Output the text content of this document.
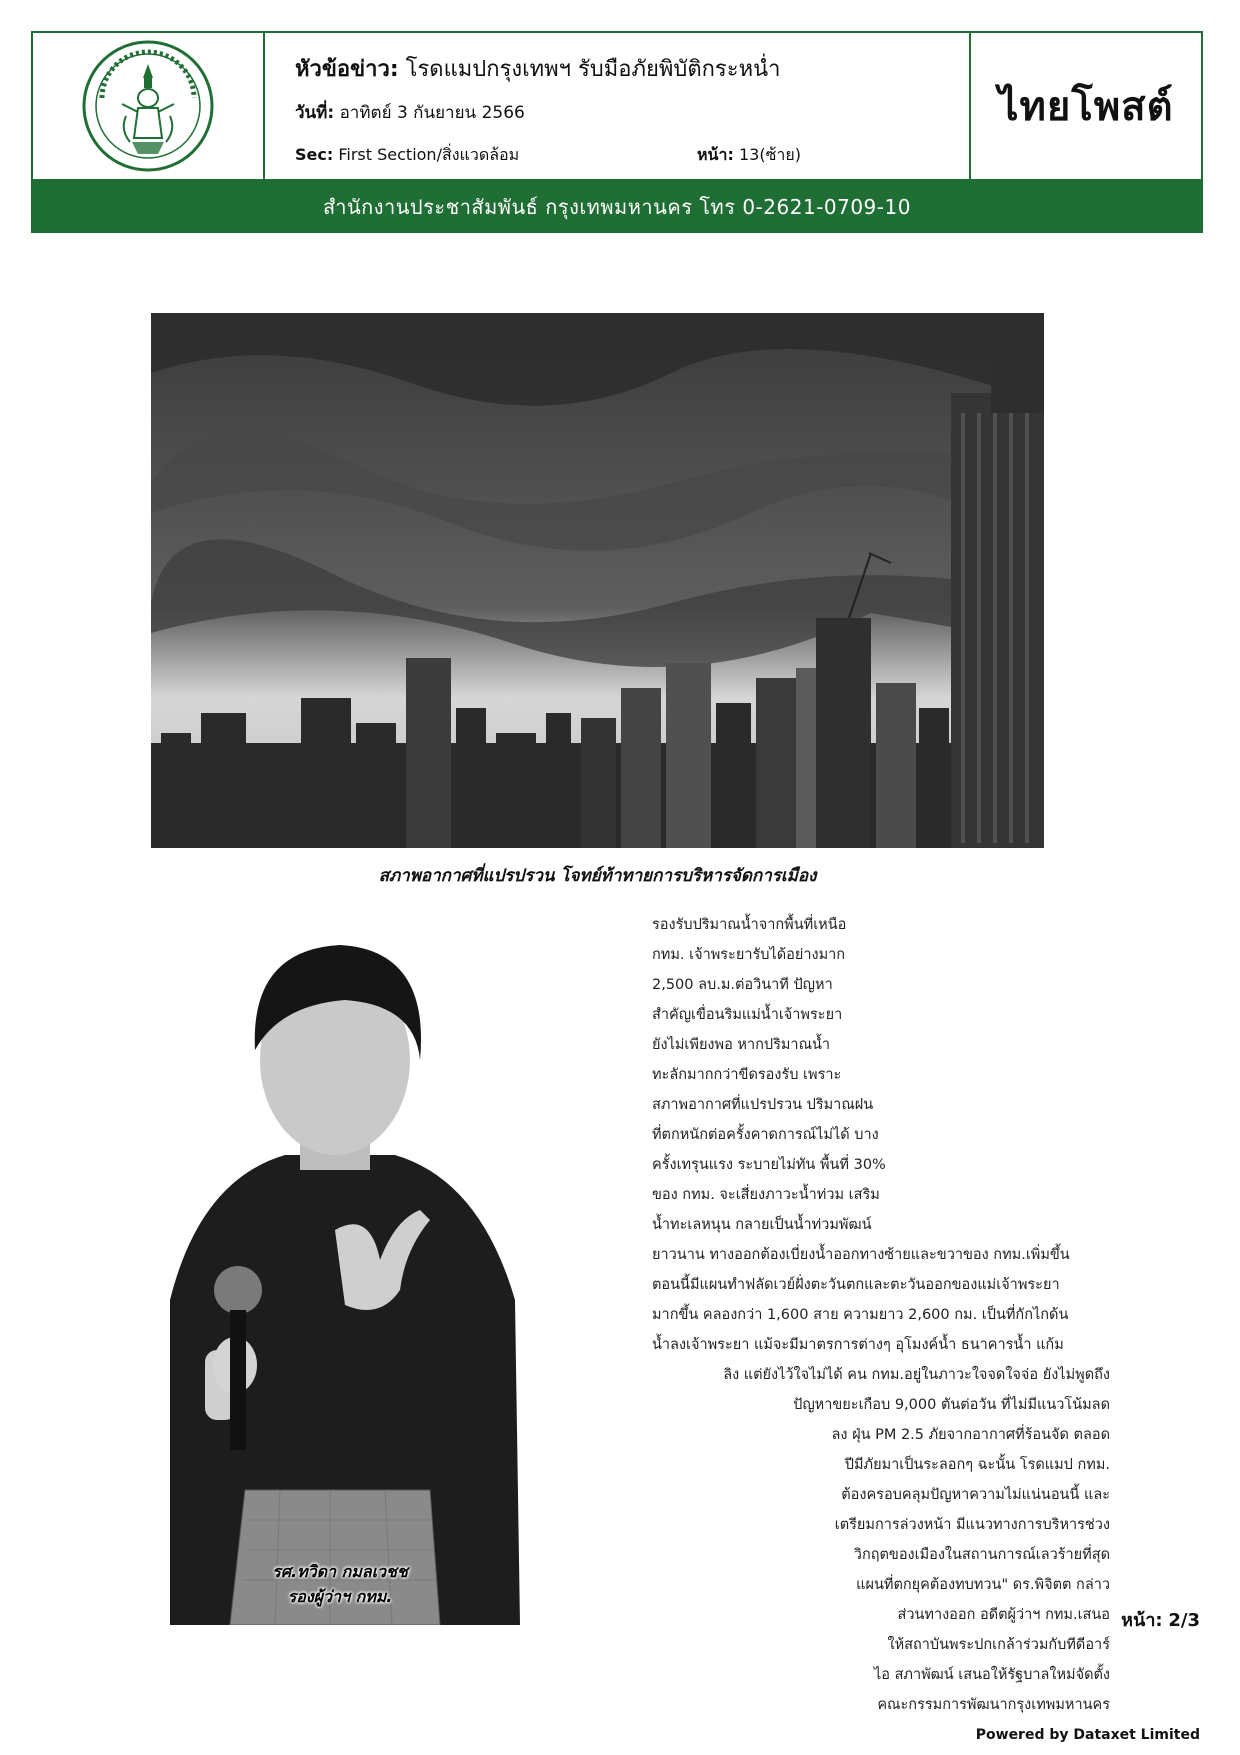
หัวข้อข่าว: โรดแมปกรุงเทพฯ รับมือภัยพิบัติกระหน่ำ
วันที่: อาทิตย์ 3 กันยายน 2566
Sec: First Section/สิ่งแวดล้อม	หน้า: 13(ซ้าย)
ไทยโพสต์
สำนักงานประชาสัมพันธ์ กรุงเทพมหานคร โทร 0-2621-0709-10
สภาพอากาศที่แปรปรวน โจทย์ท้าทายการบริหารจัดการเมือง
รศ.ทวิดา กมลเวชช
รองผู้ว่าฯ กทม.
รองรับปริมาณน้ำจากพื้นที่เหนือ
กทม. เจ้าพระยารับได้อย่างมาก
2,500 ลบ.ม.ต่อวินาที ปัญหา
สำคัญเขื่อนริมแม่น้ำเจ้าพระยา
ยังไม่เพียงพอ หากปริมาณน้ำ
ทะลักมากกว่าขีดรองรับ เพราะ
สภาพอากาศที่แปรปรวน ปริมาณฝน
ที่ตกหนักต่อครั้งคาดการณ์ไม่ได้ บาง
ครั้งเทรุนแรง ระบายไม่ทัน พื้นที่ 30%
ของ กทม. จะเสี่ยงภาวะน้ำท่วม เสริม
น้ำทะเลหนุน กลายเป็นน้ำท่วมพัฒน์
ยาวนาน ทางออกต้องเบี่ยงน้ำออกทางซ้ายและขวาของ กทม.เพิ่มขึ้น
ตอนนี้มีแผนทำฟลัดเวย์ฝั่งตะวันตกและตะวันออกของแม่เจ้าพระยา
มากขึ้น คลองกว่า 1,600 สาย ความยาว 2,600 กม. เป็นที่กักไกด้น
น้ำลงเจ้าพระยา แม้จะมีมาตรการต่างๆ อุโมงค์น้ำ ธนาคารน้ำ แก้ม
ลิง แต่ยังไว้ใจไม่ได้ คน กทม.อยู่ในภาวะใจจดใจจ่อ ยังไม่พูดถึง
ปัญหาขยะเกือบ 9,000 ตันต่อวัน ที่ไม่มีแนวโน้มลด
ลง ฝุ่น PM 2.5 ภัยจากอากาศที่ร้อนจัด ตลอด
ปีมีภัยมาเป็นระลอกๆ ฉะนั้น โรดแมป กทม.
ต้องครอบคลุมปัญหาความไม่แน่นอนนี้ และ
เตรียมการล่วงหน้า มีแนวทางการบริหารช่วง
วิกฤตของเมืองในสถานการณ์เลวร้ายที่สุด
แผนที่ตกยุคต้องทบทวน" ดร.พิจิตต กล่าว
ส่วนทางออก อดีตผู้ว่าฯ กทม.เสนอ
ให้สถาบันพระปกเกล้าร่วมกับทีดีอาร์
ไอ สภาพัฒน์ เสนอให้รัฐบาลใหม่จัดตั้ง
คณะกรรมการพัฒนากรุงเทพมหานคร
หน้า: 2/3
Powered by Dataxet Limited
